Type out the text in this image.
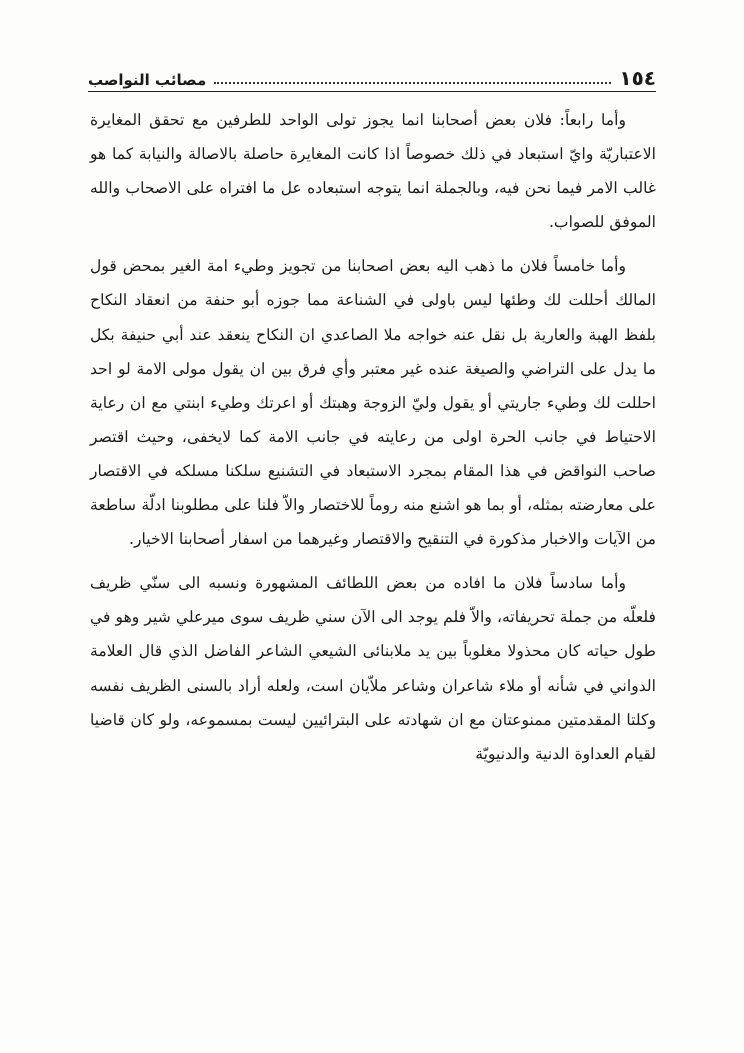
١٥٤
مصائب النواصب

وأما رابعاً: فلان بعض أصحابنا انما يجوز تولى الواحد للطرفين مع تحقق المغايرة الاعتباريّة وايّ استبعاد في ذلك خصوصاً اذا كانت المغايرة حاصلة بالاصالة والنيابة كما هو غالب الامر فيما نحن فيه، وبالجملة انما يتوجه استبعاده عل ما افتراه على الاصحاب والله الموفق للصواب.

وأما خامساً فلان ما ذهب اليه بعض اصحابنا من تجويز وطيء امة الغير بمحض قول المالك أحللت لك وطئها ليس باولى في الشناعة مما جوزه أبو حنفة من انعقاد النكاح بلفظ الهبة والعارية بل نقل عنه خواجه ملا الصاعدي ان النكاح ينعقد عند أبي حنيفة بكل ما يدل على التراضي والصيغة عنده غير معتبر وأي فرق بين ان يقول مولى الامة لو احد احللت لك وطيء جاريتي أو يقول وليّ الزوجة وهبتك أو اعرتك وطيء ابنتي مع ان رعاية الاحتياط في جانب الحرة اولى من رعايته في جانب الامة كما لايخفى، وحيث اقتصر صاحب النواقض في هذا المقام بمجرد الاستبعاد في التشنيع سلكنا مسلكه في الاقتصار على معارضته بمثله، أو بما هو اشنع منه روماً للاختصار والاّ فلنا على مطلوبنا ادلّة ساطعة من الآيات والاخبار مذكورة في التنقيح والاقتصار وغيرهما من اسفار أصحابنا الاخيار.

وأما سادساً فلان ما افاده من بعض اللطائف المشهورة ونسبه الى سنّي ظريف فلعلّه من جملة تحريفاته، والاّ فلم يوجد الى الآن سني ظريف سوى ميرعلي شير وهو في طول حياته كان محذولا مغلوباً بين يد ملابنائى الشيعي الشاعر الفاضل الذي قال العلامة الدواني في شأنه أو ملاء شاعران وشاعر ملاّيان است، ولعله أراد بالسنى الظريف نفسه وكلتا المقدمتين ممنوعتان مع ان شهادته على البترائيين ليست بمسموعه، ولو كان قاضيا لقيام العداوة الدنية والدنيويّة
